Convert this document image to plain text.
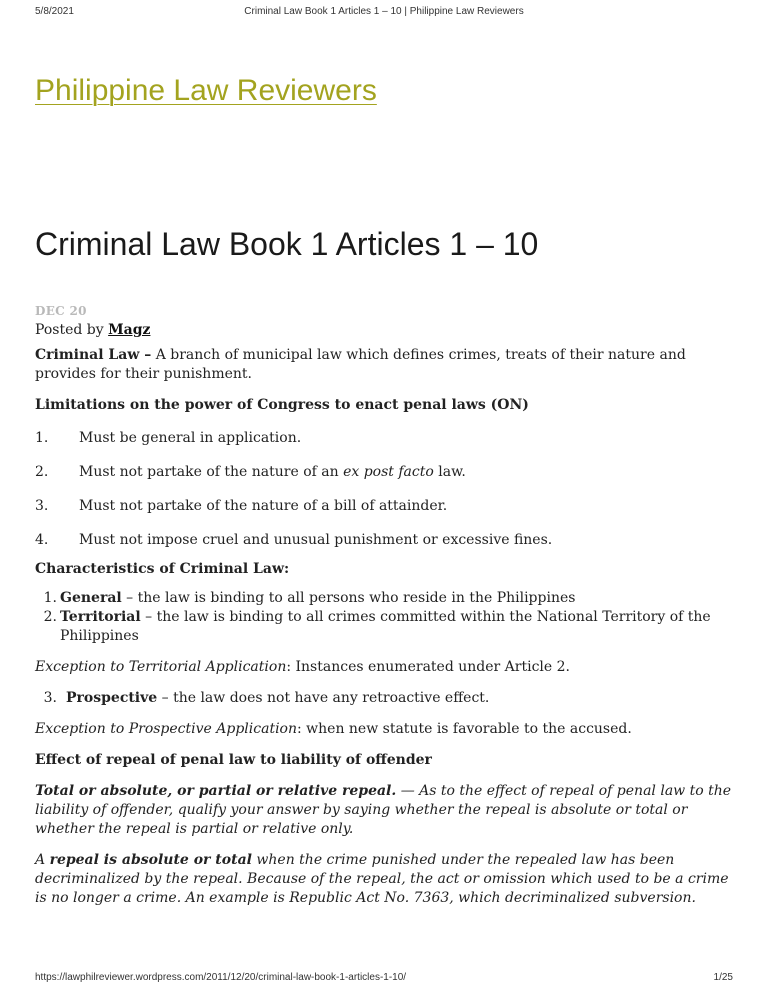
5/8/2021	Criminal Law Book 1 Articles 1 – 10 | Philippine Law Reviewers
Philippine Law Reviewers
Criminal Law Book 1 Articles 1 – 10
DEC 20
Posted by Magz

Criminal Law – A branch of municipal law which defines crimes, treats of their nature and provides for their punishment.

Limitations on the power of Congress to enact penal laws (ON)

1.	Must be general in application.
2.	Must not partake of the nature of an ex post facto law.
3.	Must not partake of the nature of a bill of attainder.
4.	Must not impose cruel and unusual punishment or excessive fines.

Characteristics of Criminal Law:

1. General – the law is binding to all persons who reside in the Philippines
2. Territorial – the law is binding to all crimes committed within the National Territory of the Philippines

Exception to Territorial Application: Instances enumerated under Article 2.

3. Prospective – the law does not have any retroactive effect.

Exception to Prospective Application: when new statute is favorable to the accused.

Effect of repeal of penal law to liability of offender

Total or absolute, or partial or relative repeal. — As to the effect of repeal of penal law to the liability of offender, qualify your answer by saying whether the repeal is absolute or total or whether the repeal is partial or relative only.

A repeal is absolute or total when the crime punished under the repealed law has been decriminalized by the repeal. Because of the repeal, the act or omission which used to be a crime is no longer a crime. An example is Republic Act No. 7363, which decriminalized subversion.

https://lawphilreviewer.wordpress.com/2011/12/20/criminal-law-book-1-articles-1-10/	1/25
